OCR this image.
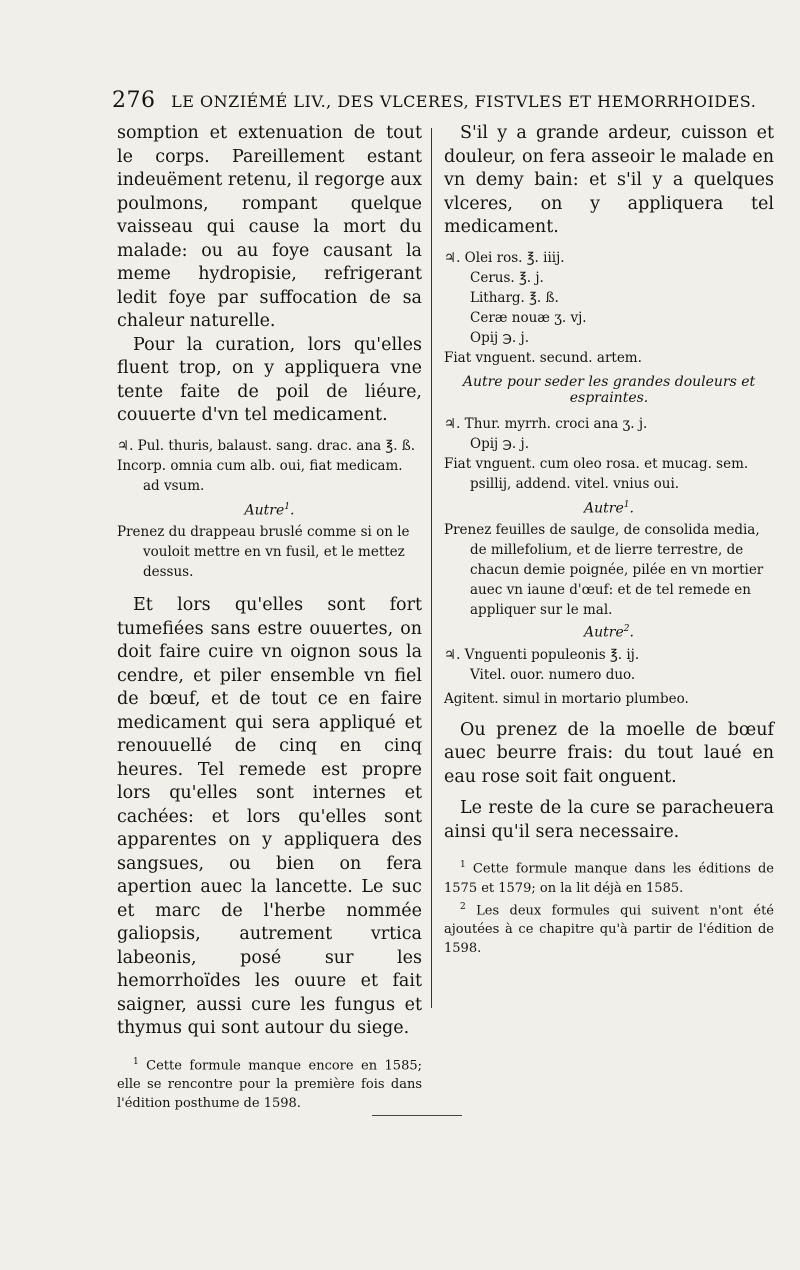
276 LE ONZIÉMÉ LIV., DES VLCERES, FISTVLES ET HEMORRHOIDES.

somption et extenuation de tout le corps. Pareillement estant indeuëment retenu, il regorge aux poulmons, rompant quelque vaisseau qui cause la mort du malade: ou au foye causant la meme hydropisie, refrigerant ledit foye par suffocation de sa chaleur naturelle.

Pour la curation, lors qu'elles fluent trop, on y appliquera vne tente faite de poil de liéure, couuerte d'vn tel medicament.

♃. Pul. thuris, balaust. sang. drac. ana ℥. ß.
Incorp. omnia cum alb. oui, fiat medicam. ad vsum.
Autre$^1$.

Prenez du drappeau bruslé comme si on le vouloit mettre en vn fusil, et le mettez dessus.

Et lors qu'elles sont fort tumefiées sans estre ouuertes, on doit faire cuire vn oignon sous la cendre, et piler ensemble vn fiel de bœuf, et de tout ce en faire medicament qui sera appliqué et renouuellé de cinq en cinq heures. Tel remede est propre lors qu'elles sont internes et cachées: et lors qu'elles sont apparentes on y appliquera des sangsues, ou bien on fera apertion auec la lancette. Le suc et marc de l'herbe nommée galiopsis, autrement vrtica labeonis, posé sur les hemorrhoïdes les ouure et fait saigner, aussi cure les fungus et thymus qui sont autour du siege.

$^1$ Cette formule manque encore en 1585; elle se rencontre pour la première fois dans l'édition posthume de 1598.

S'il y a grande ardeur, cuisson et douleur, on fera asseoir le malade en vn demy bain: et s'il y a quelques vlceres, on y appliquera tel medicament.

♃. Olei ros. ℥. iiij.
Cerus. ℥. j.
Litharg. ℥. ß.
Ceræ nouæ ʒ. vj.
Opij ℈. j.
Fiat vnguent. secund. artem.
Autre pour seder les grandes douleurs et espraintes.
♃. Thur. myrrh. croci ana ʒ. j.
Opij ℈. j.
Fiat vnguent. cum oleo rosa. et mucag. sem. psillij, addend. vitel. vnius oui.
Autre$^1$.

Prenez feuilles de saulge, de consolida media, de millefolium, et de lierre terrestre, de chacun demie poignée, pilée en vn mortier auec vn iaune d'œuf: et de tel remede en appliquer sur le mal.

Autre$^2$.
♃. Vnguenti populeonis ℥. ij.
Vitel. ouor. numero duo.
Agitent. simul in mortario plumbeo.

Ou prenez de la moelle de bœuf auec beurre frais: du tout laué en eau rose soit fait onguent.

Le reste de la cure se paracheuera ainsi qu'il sera necessaire.

$^1$ Cette formule manque dans les éditions de 1575 et 1579; on la lit déjà en 1585.

$^2$ Les deux formules qui suivent n'ont été ajoutées à ce chapitre qu'à partir de l'édition de 1598.
